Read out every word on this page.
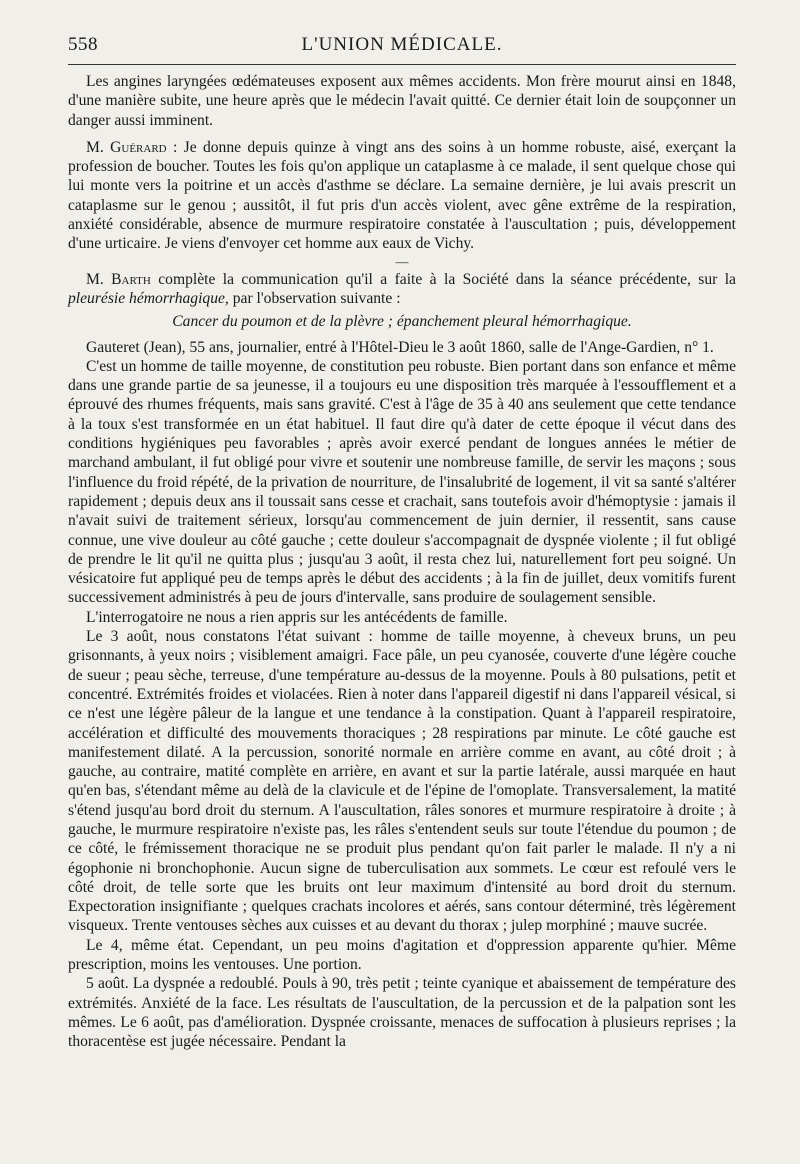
558	L'UNION MÉDICALE.

Les angines laryngées œdémateuses exposent aux mêmes accidents. Mon frère mourut ainsi en 1848, d'une manière subite, une heure après que le médecin l'avait quitté. Ce dernier était loin de soupçonner un danger aussi imminent.

M. Guérard : Je donne depuis quinze à vingt ans des soins à un homme robuste, aisé, exerçant la profession de boucher. Toutes les fois qu'on applique un cataplasme à ce malade, il sent quelque chose qui lui monte vers la poitrine et un accès d'asthme se déclare. La semaine dernière, je lui avais prescrit un cataplasme sur le genou ; aussitôt, il fut pris d'un accès violent, avec gêne extrême de la respiration, anxiété considérable, absence de murmure respiratoire constatée à l'auscultation ; puis, développement d'une urticaire. Je viens d'envoyer cet homme aux eaux de Vichy.

—

M. Barth complète la communication qu'il a faite à la Société dans la séance précédente, sur la pleurésie hémorrhagique, par l'observation suivante :

Cancer du poumon et de la plèvre ; épanchement pleural hémorrhagique.

Gauteret (Jean), 55 ans, journalier, entré à l'Hôtel-Dieu le 3 août 1860, salle de l'Ange-Gardien, n° 1.

C'est un homme de taille moyenne, de constitution peu robuste. Bien portant dans son enfance et même dans une grande partie de sa jeunesse, il a toujours eu une disposition très marquée à l'essoufflement et a éprouvé des rhumes fréquents, mais sans gravité. C'est à l'âge de 35 à 40 ans seulement que cette tendance à la toux s'est transformée en un état habituel. Il faut dire qu'à dater de cette époque il vécut dans des conditions hygiéniques peu favorables ; après avoir exercé pendant de longues années le métier de marchand ambulant, il fut obligé pour vivre et soutenir une nombreuse famille, de servir les maçons ; sous l'influence du froid répété, de la privation de nourriture, de l'insalubrité de logement, il vit sa santé s'altérer rapidement ; depuis deux ans il toussait sans cesse et crachait, sans toutefois avoir d'hémoptysie : jamais il n'avait suivi de traitement sérieux, lorsqu'au commencement de juin dernier, il ressentit, sans cause connue, une vive douleur au côté gauche ; cette douleur s'accompagnait de dyspnée violente ; il fut obligé de prendre le lit qu'il ne quitta plus ; jusqu'au 3 août, il resta chez lui, naturellement fort peu soigné. Un vésicatoire fut appliqué peu de temps après le début des accidents ; à la fin de juillet, deux vomitifs furent successivement administrés à peu de jours d'intervalle, sans produire de soulagement sensible.

L'interrogatoire ne nous a rien appris sur les antécédents de famille.

Le 3 août, nous constatons l'état suivant : homme de taille moyenne, à cheveux bruns, un peu grisonnants, à yeux noirs ; visiblement amaigri. Face pâle, un peu cyanosée, couverte d'une légère couche de sueur ; peau sèche, terreuse, d'une température au-dessus de la moyenne. Pouls à 80 pulsations, petit et concentré. Extrémités froides et violacées. Rien à noter dans l'appareil digestif ni dans l'appareil vésical, si ce n'est une légère pâleur de la langue et une tendance à la constipation. Quant à l'appareil respiratoire, accélération et difficulté des mouvements thoraciques ; 28 respirations par minute. Le côté gauche est manifestement dilaté. A la percussion, sonorité normale en arrière comme en avant, au côté droit ; à gauche, au contraire, matité complète en arrière, en avant et sur la partie latérale, aussi marquée en haut qu'en bas, s'étendant même au delà de la clavicule et de l'épine de l'omoplate. Transversalement, la matité s'étend jusqu'au bord droit du sternum. A l'auscultation, râles sonores et murmure respiratoire à droite ; à gauche, le murmure respiratoire n'existe pas, les râles s'entendent seuls sur toute l'étendue du poumon ; de ce côté, le frémissement thoracique ne se produit plus pendant qu'on fait parler le malade. Il n'y a ni égophonie ni bronchophonie. Aucun signe de tuberculisation aux sommets. Le cœur est refoulé vers le côté droit, de telle sorte que les bruits ont leur maximum d'intensité au bord droit du sternum. Expectoration insignifiante ; quelques crachats incolores et aérés, sans contour déterminé, très légèrement visqueux. Trente ventouses sèches aux cuisses et au devant du thorax ; julep morphiné ; mauve sucrée.

Le 4, même état. Cependant, un peu moins d'agitation et d'oppression apparente qu'hier. Même prescription, moins les ventouses. Une portion.

5 août. La dyspnée a redoublé. Pouls à 90, très petit ; teinte cyanique et abaissement de température des extrémités. Anxiété de la face. Les résultats de l'auscultation, de la percussion et de la palpation sont les mêmes. Le 6 août, pas d'amélioration. Dyspnée croissante, menaces de suffocation à plusieurs reprises ; la thoracentèse est jugée nécessaire. Pendant la
